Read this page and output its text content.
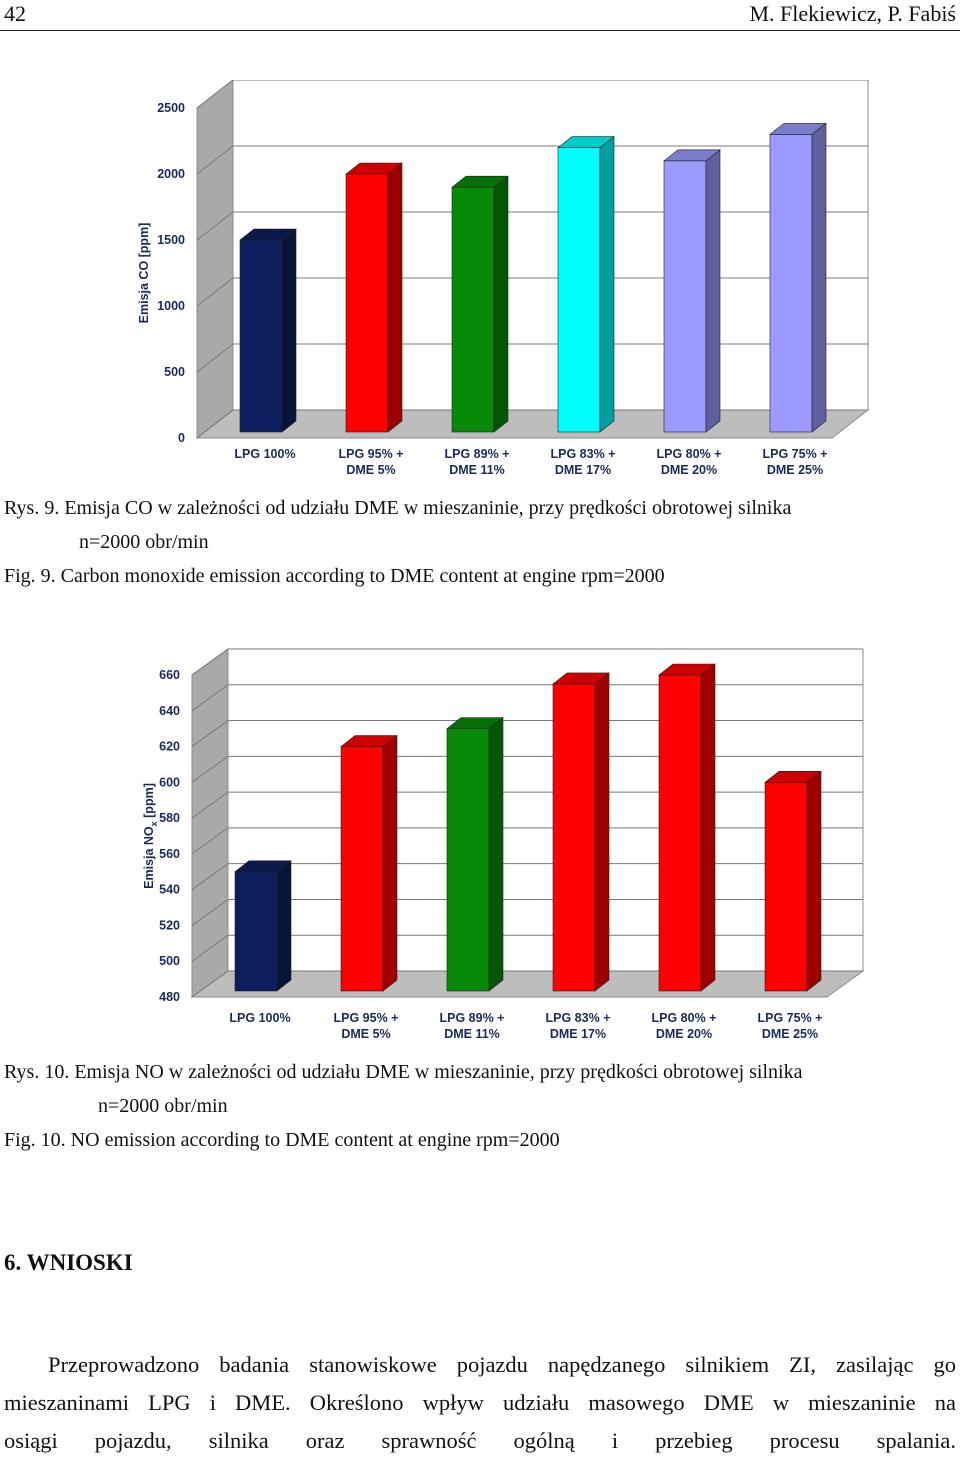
42	M. Flekiewicz, P. Fabiś
0
500
1000
1500
2000
2500
Emisja CO [ppm]
LPG 100%	LPG 95% +
DME 5%
LPG 89% +
DME 11%
LPG 83% +
DME 17%
LPG 80% +
DME 20%
LPG 75% +
DME 25%
Rys. 9. Emisja CO w zależności od udziału DME w mieszaninie, przy prędkości obrotowej silnika
n=2000 obr/min
Fig. 9. Carbon monoxide emission according to DME content at engine rpm=2000
480
500
520
540
560
580
600
620
640
660
Emisja $NO_x$ [ppm]
LPG 100%	LPG 95% +
DME 5%
LPG 89% +
DME 11%
LPG 83% +
DME 17%
LPG 80% +
DME 20%
LPG 75% +
DME 25%
Rys. 10. Emisja NO w zależności od udziału DME w mieszaninie, przy prędkości obrotowej silnika
n=2000 obr/min
Fig. 10. NO emission according to DME content at engine rpm=2000
6. WNIOSKI
Przeprowadzono badania stanowiskowe pojazdu napędzanego silnikiem ZI, zasilając go
mieszaninami LPG i DME. Określono wpływ udziału masowego DME w mieszaninie na
osiągi pojazdu, silnika oraz sprawność ogólną i przebieg procesu spalania.
